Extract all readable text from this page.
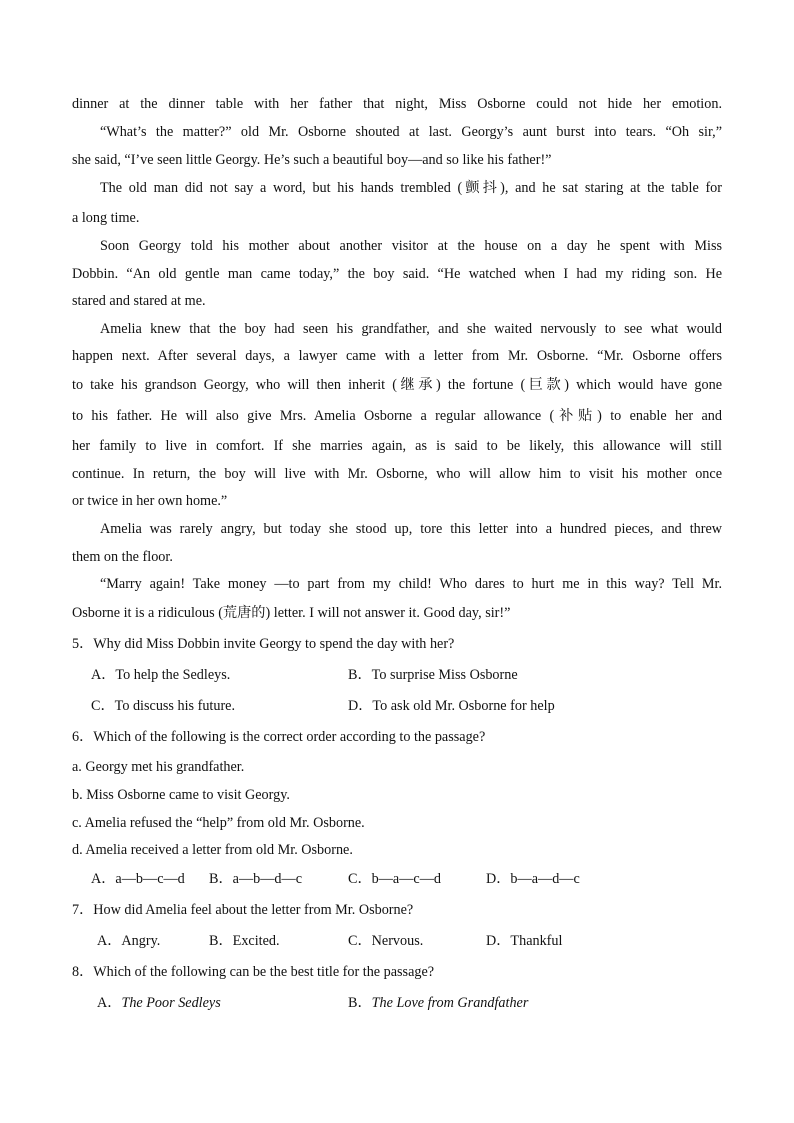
dinner at the dinner table with her father that night, Miss Osborne could not hide her emotion.
“What’s the matter?” old Mr. Osborne shouted at last. Georgy’s aunt burst into tears. “Oh sir,”
she said, “I’ve seen little Georgy. He’s such a beautiful boy—and so like his father!”
The old man did not say a word, but his hands trembled (颤抖), and he sat staring at the table for
a long time.
Soon Georgy told his mother about another visitor at the house on a day he spent with Miss
Dobbin. “An old gentle man came today,” the boy said. “He watched when I had my riding son. He
stared and stared at me.
Amelia knew that the boy had seen his grandfather, and she waited nervously to see what would
happen next. After several days, a lawyer came with a letter from Mr. Osborne. “Mr. Osborne offers
to take his grandson Georgy, who will then inherit (继承) the fortune (巨款) which would have gone
to his father. He will also give Mrs. Amelia Osborne a regular allowance (补贴) to enable her and
her family to live in comfort. If she marries again, as is said to be likely, this allowance will still
continue. In return, the boy will live with Mr. Osborne, who will allow him to visit his mother once
or twice in her own home.”
Amelia was rarely angry, but today she stood up, tore this letter into a hundred pieces, and threw
them on the floor.
“Marry again! Take money —to part from my child! Who dares to hurt me in this way? Tell Mr.
Osborne it is a ridiculous (荒唐的) letter. I will not answer it. Good day, sir!”
5．Why did Miss Dobbin invite Georgy to spend the day with her?
A．To help the Sedleys.	B．To surprise Miss Osborne
C．To discuss his future.	D．To ask old Mr. Osborne for help
6．Which of the following is the correct order according to the passage?
a. Georgy met his grandfather.
b. Miss Osborne came to visit Georgy.
c. Amelia refused the “help” from old Mr. Osborne.
d. Amelia received a letter from old Mr. Osborne.
A．a—b—c—d B．a—b—d—c	C．b—a—c—d	D．b—a—d—c
7．How did Amelia feel about the letter from Mr. Osborne?
A．Angry.	B．Excited.	C．Nervous.	D．Thankful
8．Which of the following can be the best title for the passage?
A．The Poor Sedleys	B．The Love from Grandfather
